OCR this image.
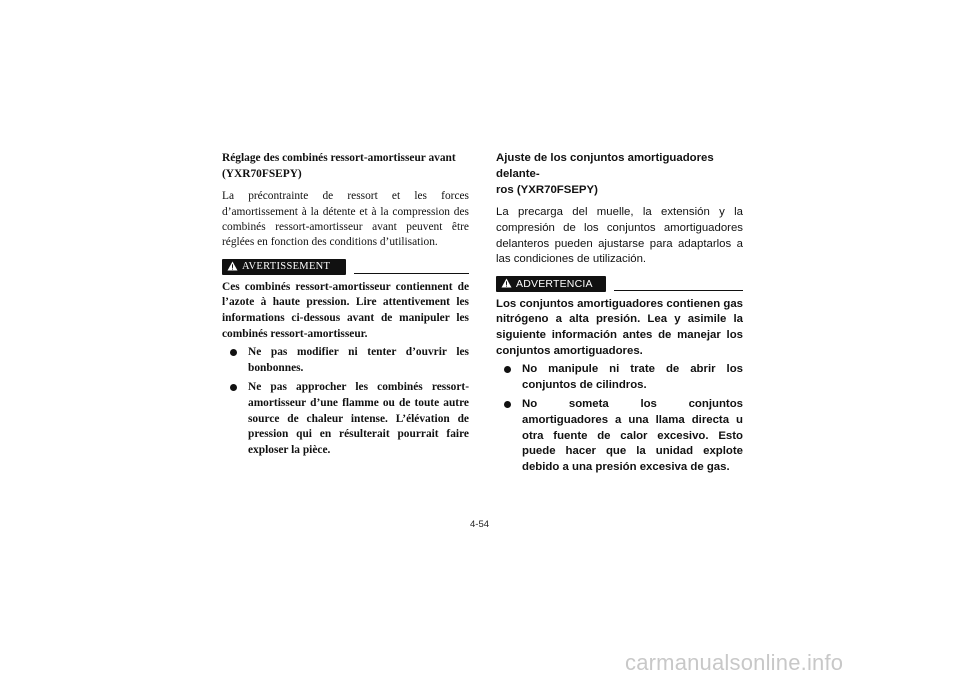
Réglage des combinés ressort-amortisseur avant
(YXR70FSEPY)
La précontrainte de ressort et les forces d’amortissement à la détente et à la compression des combinés ressort-amortisseur avant peuvent être réglées en fonction des conditions d’utilisation.
AVERTISSEMENT
Ces combinés ressort-amortisseur contiennent de l’azote à haute pression. Lire attentivement les informations ci-dessous avant de manipuler les combinés ressort-amortisseur.
Ne pas modifier ni tenter d’ouvrir les bonbonnes.
Ne pas approcher les combinés ressort-amortisseur d’une flamme ou de toute autre source de chaleur intense. L’élévation de pression qui en résulterait pourrait faire exploser la pièce.
Ajuste de los conjuntos amortiguadores delante-
ros (YXR70FSEPY)
La precarga del muelle, la extensión y la compresión de los conjuntos amortiguadores delanteros pueden ajustarse para adaptarlos a las condiciones de utilización.
ADVERTENCIA
Los conjuntos amortiguadores contienen gas nitrógeno a alta presión. Lea y asimile la siguiente información antes de manejar los conjuntos amortiguadores.
No manipule ni trate de abrir los conjuntos de cilindros.
No someta los conjuntos amortiguadores a una llama directa u otra fuente de calor excesivo. Esto puede hacer que la unidad explote debido a una presión excesiva de gas.
4-54
carmanualsonline.info
